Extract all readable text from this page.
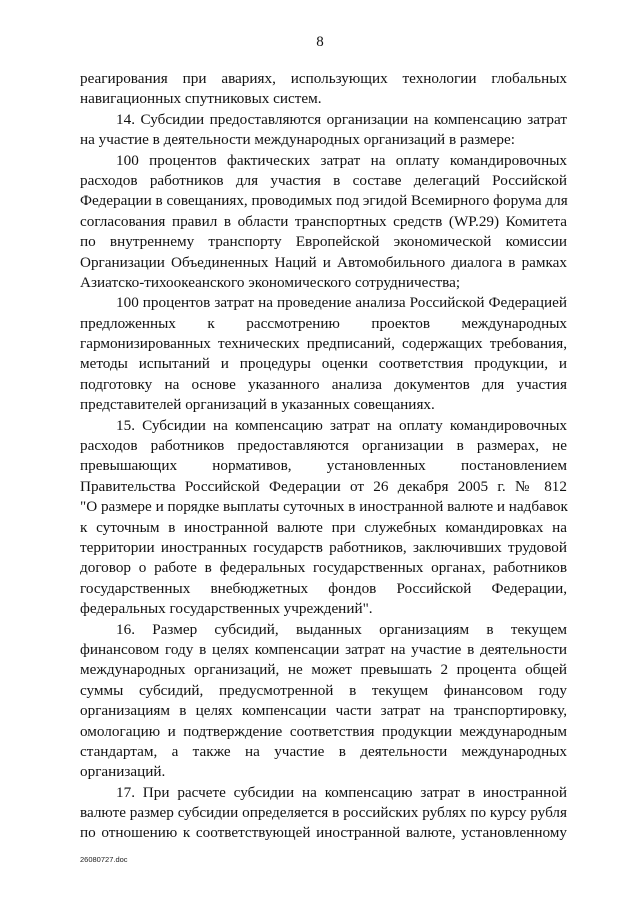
8
реагирования при авариях, использующих технологии глобальных
навигационных спутниковых систем.
14. Субсидии предоставляются организации на компенсацию затрат
на участие в деятельности международных организаций в размере:
100 процентов фактических затрат на оплату командировочных
расходов работников для участия в составе делегаций Российской
Федерации в совещаниях, проводимых под эгидой Всемирного форума для
согласования правил в области транспортных средств (WP.29) Комитета
по внутреннему транспорту Европейской экономической комиссии
Организации Объединенных Наций и Автомобильного диалога в рамках
Азиатско-тихоокеанского экономического сотрудничества;
100 процентов затрат на проведение анализа Российской Федерацией
предложенных к рассмотрению проектов международных
гармонизированных технических предписаний, содержащих требования,
методы испытаний и процедуры оценки соответствия продукции, и
подготовку на основе указанного анализа документов для участия
представителей организаций в указанных совещаниях.
15. Субсидии на компенсацию затрат на оплату командировочных
расходов работников предоставляются организации в размерах, не
превышающих нормативов, установленных постановлением
Правительства Российской Федерации от 26 декабря 2005 г. № 812
"О размере и порядке выплаты суточных в иностранной валюте и надбавок
к суточным в иностранной валюте при служебных командировках на
территории иностранных государств работников, заключивших трудовой
договор о работе в федеральных государственных органах, работников
государственных внебюджетных фондов Российской Федерации,
федеральных государственных учреждений".
16. Размер субсидий, выданных организациям в текущем
финансовом году в целях компенсации затрат на участие в деятельности
международных организаций, не может превышать 2 процента общей
суммы субсидий, предусмотренной в текущем финансовом году
организациям в целях компенсации части затрат на транспортировку,
омологацию и подтверждение соответствия продукции международным
стандартам, а также на участие в деятельности международных
организаций.
17. При расчете субсидии на компенсацию затрат в иностранной
валюте размер субсидии определяется в российских рублях по курсу рубля
по отношению к соответствующей иностранной валюте, установленному
26080727.doc
